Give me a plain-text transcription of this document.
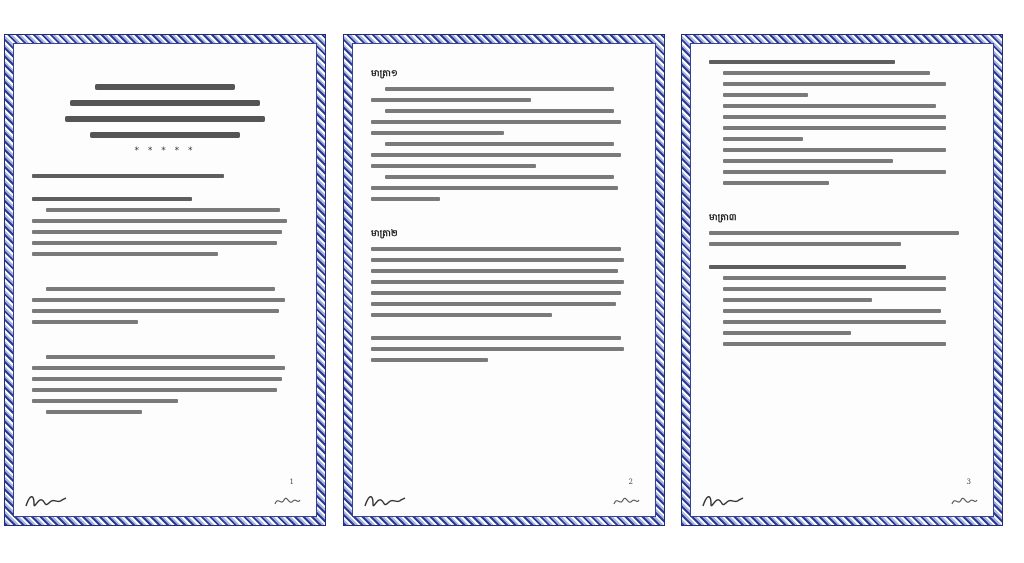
* * * * *
1
មាត្រា១
មាត្រា២
2
មាត្រា៣
3
